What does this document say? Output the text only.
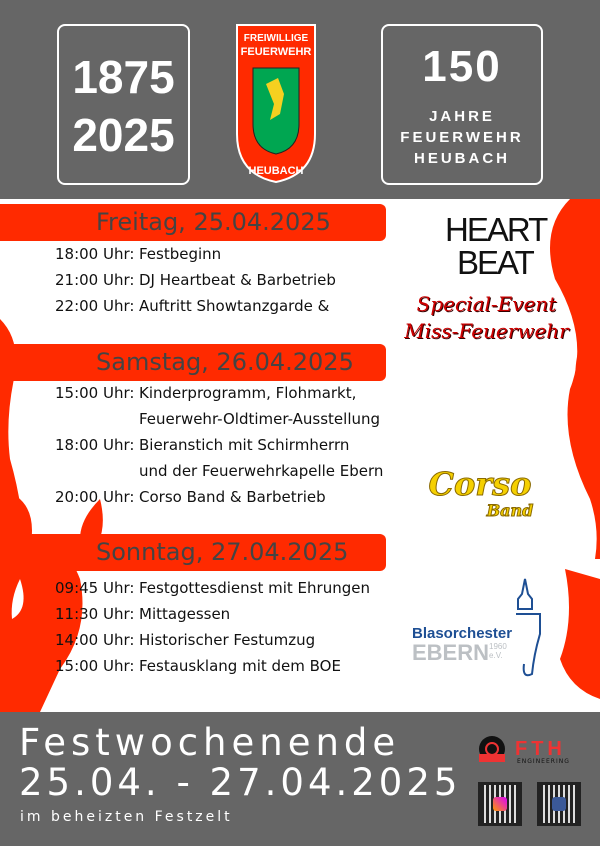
1875
2025
FREIWILLIGE
FEUERWEHR
HEUBACH
150
JAHRE
FEUERWEHR
HEUBACH
Freitag, 25.04.2025
18:00 Uhr: Festbeginn
21:00 Uhr: DJ Heartbeat & Barbetrieb
22:00 Uhr: Auftritt Showtanzgarde &
Samstag, 26.04.2025
15:00 Uhr: Kinderprogramm, Flohmarkt,
Feuerwehr-Oldtimer-Ausstellung
18:00 Uhr: Bieranstich mit Schirmherrn
und der Feuerwehrkapelle Ebern
20:00 Uhr: Corso Band & Barbetrieb
Sonntag, 27.04.2025
09:45 Uhr: Festgottesdienst mit Ehrungen
11:30 Uhr: Mittagessen
14:00 Uhr: Historischer Festumzug
15:00 Uhr: Festausklang mit dem BOE
HEART
BEAT
Special-Event
Miss-Feuerwehr
Corso
Band
Blasorchester
EBERN1960
e.V.
Festwochenende
25.04. - 27.04.2025
im beheizten Festzelt
FTH
ENGINEERING
